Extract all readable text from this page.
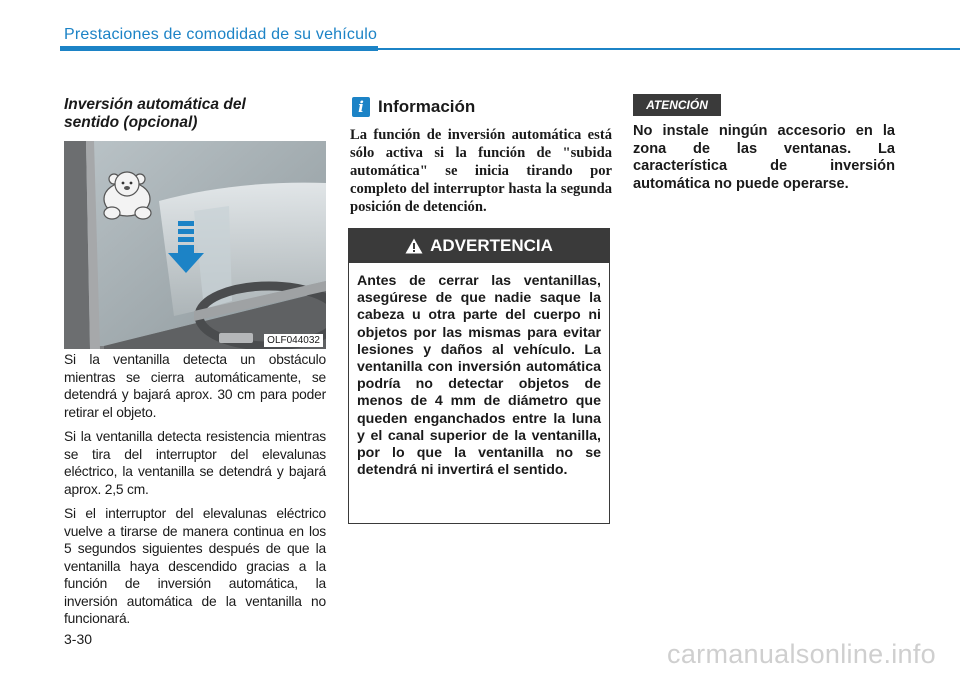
Prestaciones de comodidad de su vehículo
Inversión automática del
sentido (opcional)
OLF044032

Si la ventanilla detecta un obstáculo mientras se cierra automáticamente, se detendrá y bajará aprox. 30 cm para poder retirar el objeto.

Si la ventanilla detecta resistencia mientras se tira del interruptor del elevalunas eléctrico, la ventanilla se detendrá y bajará aprox. 2,5 cm.

Si el interruptor del elevalunas eléctrico vuelve a tirarse de manera continua en los 5 segundos siguientes después de que la ventanilla haya descendido gracias a la función de inversión automática, la inversión automática de la ventanilla no funcionará.

i Información

La función de inversión automática está sólo activa si la función de "subida automática" se inicia tirando por completo del interruptor hasta la segunda posición de detención.

ADVERTENCIA

Antes de cerrar las ventanillas, asegúrese de que nadie saque la cabeza u otra parte del cuerpo ni objetos por las mismas para evitar lesiones y daños al vehículo. La ventanilla con inversión automática podría no detectar objetos de menos de 4 mm de diámetro que queden enganchados entre la luna y el canal superior de la ventanilla, por lo que la ventanilla no se detendrá ni invertirá el sentido.

ATENCIÓN

No instale ningún accesorio en la zona de las ventanas. La característica de inversión automática no puede operarse.

3-30	carmanualsonline.info
